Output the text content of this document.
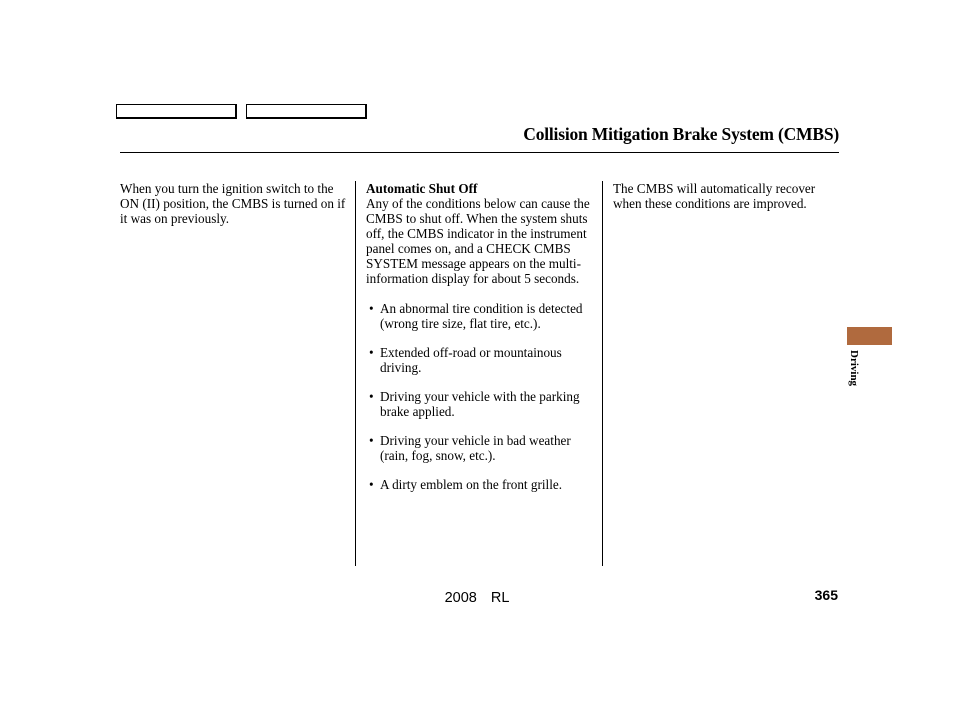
Collision Mitigation Brake System (CMBS)

When you turn the ignition switch to the ON (II) position, the CMBS is turned on if it was on previously.

Automatic Shut Off

Any of the conditions below can cause the CMBS to shut off. When the system shuts off, the CMBS indicator in the instrument panel comes on, and a CHECK CMBS SYSTEM message appears on the multi-information display for about 5 seconds.

• An abnormal tire condition is detected (wrong tire size, flat tire, etc.).
• Extended off-road or mountainous driving.
• Driving your vehicle with the parking brake applied.
• Driving your vehicle in bad weather (rain, fog, snow, etc.).
• A dirty emblem on the front grille.

The CMBS will automatically recover when these conditions are improved.

Driving
365
2008  RL
